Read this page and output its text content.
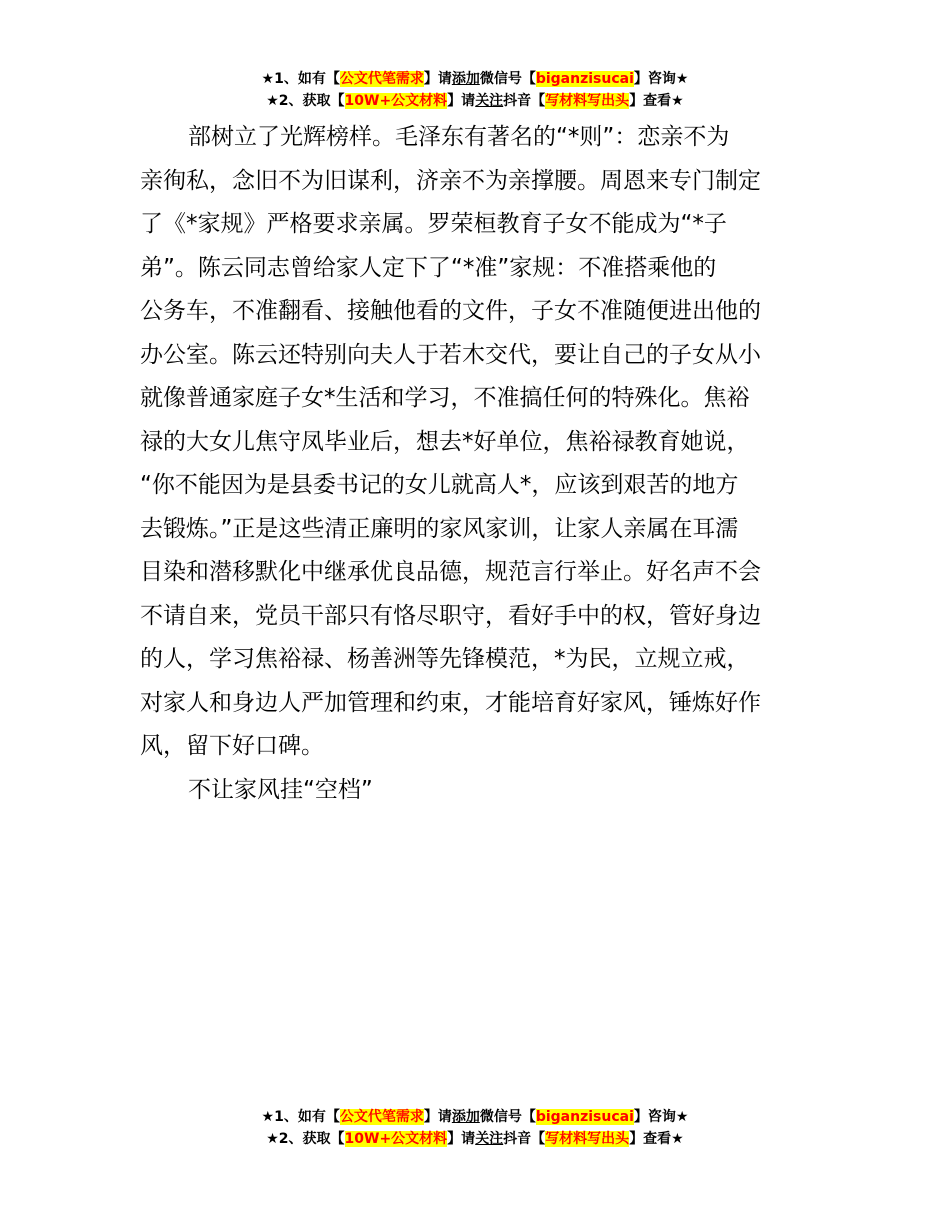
★1、如有【公文代笔需求】请添加微信号【biganzisucai】咨询★
★2、获取【10W+公文材料】请关注抖音【写材料写出头】查看★
部树立了光辉榜样。毛泽东有著名的“*则”：恋亲不为
亲徇私，念旧不为旧谋利，济亲不为亲撑腰。周恩来专门制定
了《*家规》严格要求亲属。罗荣桓教育子女不能成为“*子
弟”。陈云同志曾给家人定下了“*准”家规：不准搭乘他的
公务车，不准翻看、接触他看的文件，子女不准随便进出他的
办公室。陈云还特别向夫人于若木交代，要让自己的子女从小
就像普通家庭子女*生活和学习，不准搞任何的特殊化。焦裕
禄的大女儿焦守凤毕业后，想去*好单位，焦裕禄教育她说，
“你不能因为是县委书记的女儿就高人*，应该到艰苦的地方
去锻炼。”正是这些清正廉明的家风家训，让家人亲属在耳濡
目染和潜移默化中继承优良品德，规范言行举止。好名声不会
不请自来，党员干部只有恪尽职守，看好手中的权，管好身边
的人，学习焦裕禄、杨善洲等先锋模范，*为民，立规立戒，
对家人和身边人严加管理和约束，才能培育好家风，锤炼好作
风，留下好口碑。
不让家风挂“空档”
★1、如有【公文代笔需求】请添加微信号【biganzisucai】咨询★
★2、获取【10W+公文材料】请关注抖音【写材料写出头】查看★
